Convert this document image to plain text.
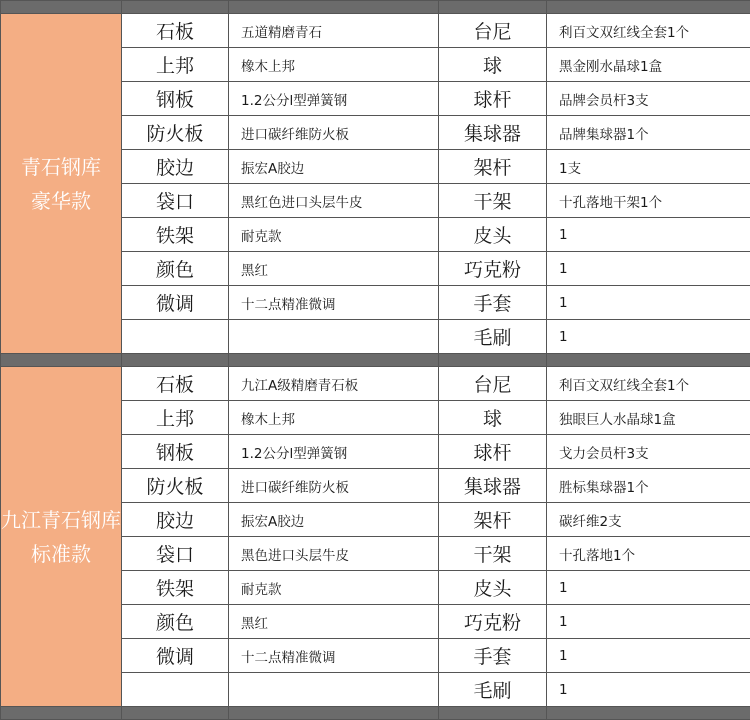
青石钢库
豪华款	石板	五道精磨青石	台尼	利百文双红线全套1个
	上邦	橡木上邦	球	黑金刚水晶球1盒
	钢板	1.2公分l型弹簧钢	球杆	品牌会员杆3支
	防火板	进口碳纤维防火板	集球器	品牌集球器1个
	胶边	振宏A胶边	架杆	1支
	袋口	黑红色进口头层牛皮	干架	十孔落地干架1个
	铁架	耐克款	皮头	1
	颜色	黑红	巧克粉	1
	微调	十二点精准微调	手套	1
			毛刷	1

九江青石钢库
标准款	石板	九江A级精磨青石板	台尼	利百文双红线全套1个
	上邦	橡木上邦	球	独眼巨人水晶球1盒
	钢板	1.2公分l型弹簧钢	球杆	戈力会员杆3支
	防火板	进口碳纤维防火板	集球器	胜标集球器1个
	胶边	振宏A胶边	架杆	碳纤维2支
	袋口	黑色进口头层牛皮	干架	十孔落地1个
	铁架	耐克款	皮头	1
	颜色	黑红	巧克粉	1
	微调	十二点精准微调	手套	1
			毛刷	1
